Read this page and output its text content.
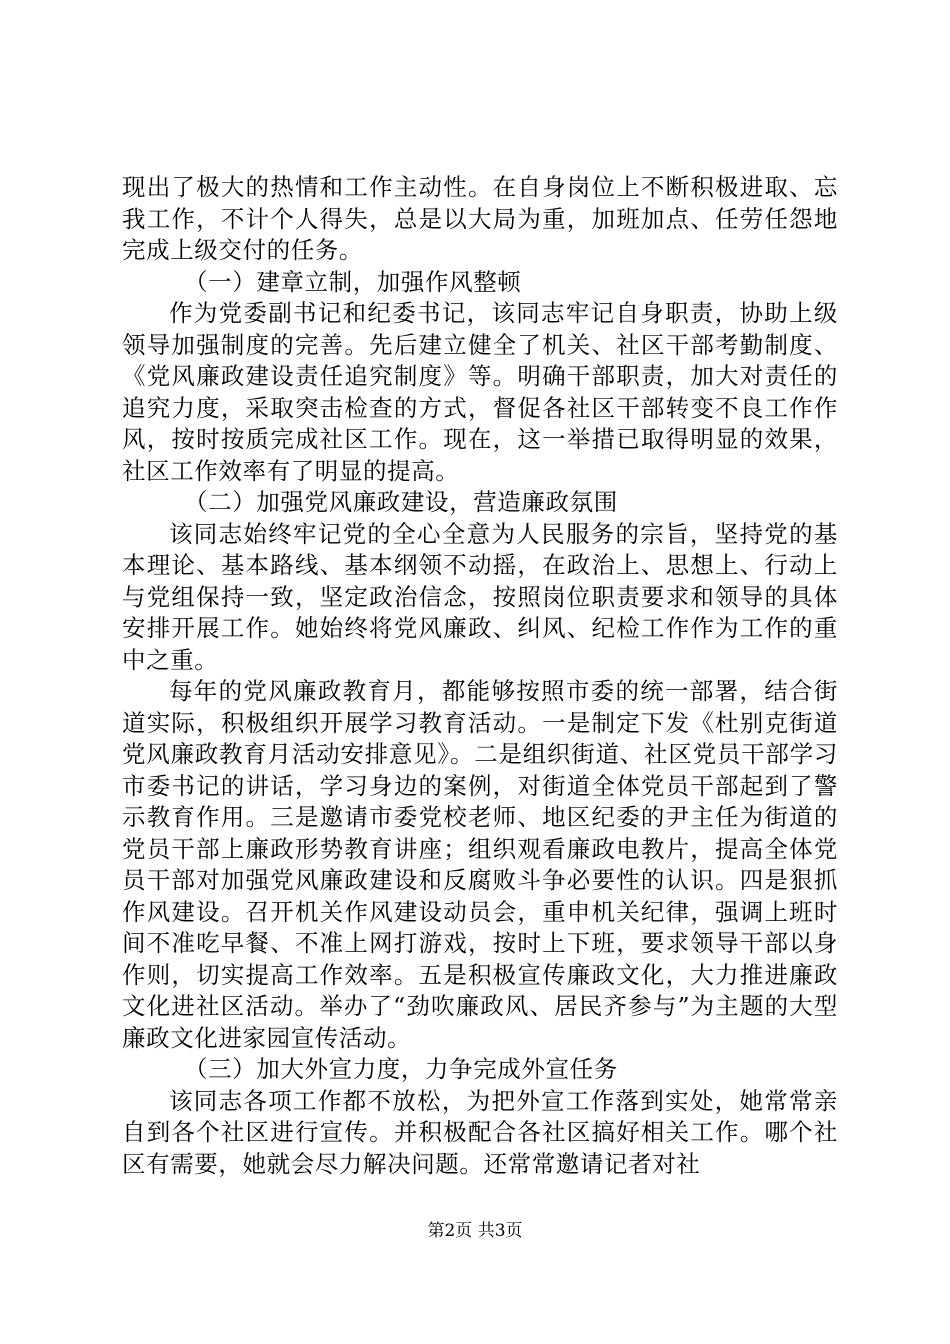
现出了极大的热情和工作主动性。在自身岗位上不断积极进取、忘我工作，不计个人得失，总是以大局为重，加班加点、任劳任怨地完成上级交付的任务。

（一）建章立制，加强作风整顿

作为党委副书记和纪委书记，该同志牢记自身职责，协助上级领导加强制度的完善。先后建立健全了机关、社区干部考勤制度、《党风廉政建设责任追究制度》等。明确干部职责，加大对责任的追究力度，采取突击检查的方式，督促各社区干部转变不良工作作风，按时按质完成社区工作。现在，这一举措已取得明显的效果，社区工作效率有了明显的提高。

（二）加强党风廉政建设，营造廉政氛围

该同志始终牢记党的全心全意为人民服务的宗旨，坚持党的基本理论、基本路线、基本纲领不动摇，在政治上、思想上、行动上与党组保持一致，坚定政治信念，按照岗位职责要求和领导的具体安排开展工作。她始终将党风廉政、纠风、纪检工作作为工作的重中之重。

每年的党风廉政教育月，都能够按照市委的统一部署，结合街道实际，积极组织开展学习教育活动。一是制定下发《杜别克街道党风廉政教育月活动安排意见》。二是组织街道、社区党员干部学习市委书记的讲话，学习身边的案例，对街道全体党员干部起到了警示教育作用。三是邀请市委党校老师、地区纪委的尹主任为街道的党员干部上廉政形势教育讲座；组织观看廉政电教片，提高全体党员干部对加强党风廉政建设和反腐败斗争必要性的认识。四是狠抓作风建设。召开机关作风建设动员会，重申机关纪律，强调上班时间不准吃早餐、不准上网打游戏，按时上下班，要求领导干部以身作则，切实提高工作效率。五是积极宣传廉政文化，大力推进廉政文化进社区活动。举办了“劲吹廉政风、居民齐参与”为主题的大型廉政文化进家园宣传活动。

（三）加大外宣力度，力争完成外宣任务

该同志各项工作都不放松，为把外宣工作落到实处，她常常亲自到各个社区进行宣传。并积极配合各社区搞好相关工作。哪个社区有需要，她就会尽力解决问题。还常常邀请记者对社

第2页 共3页
